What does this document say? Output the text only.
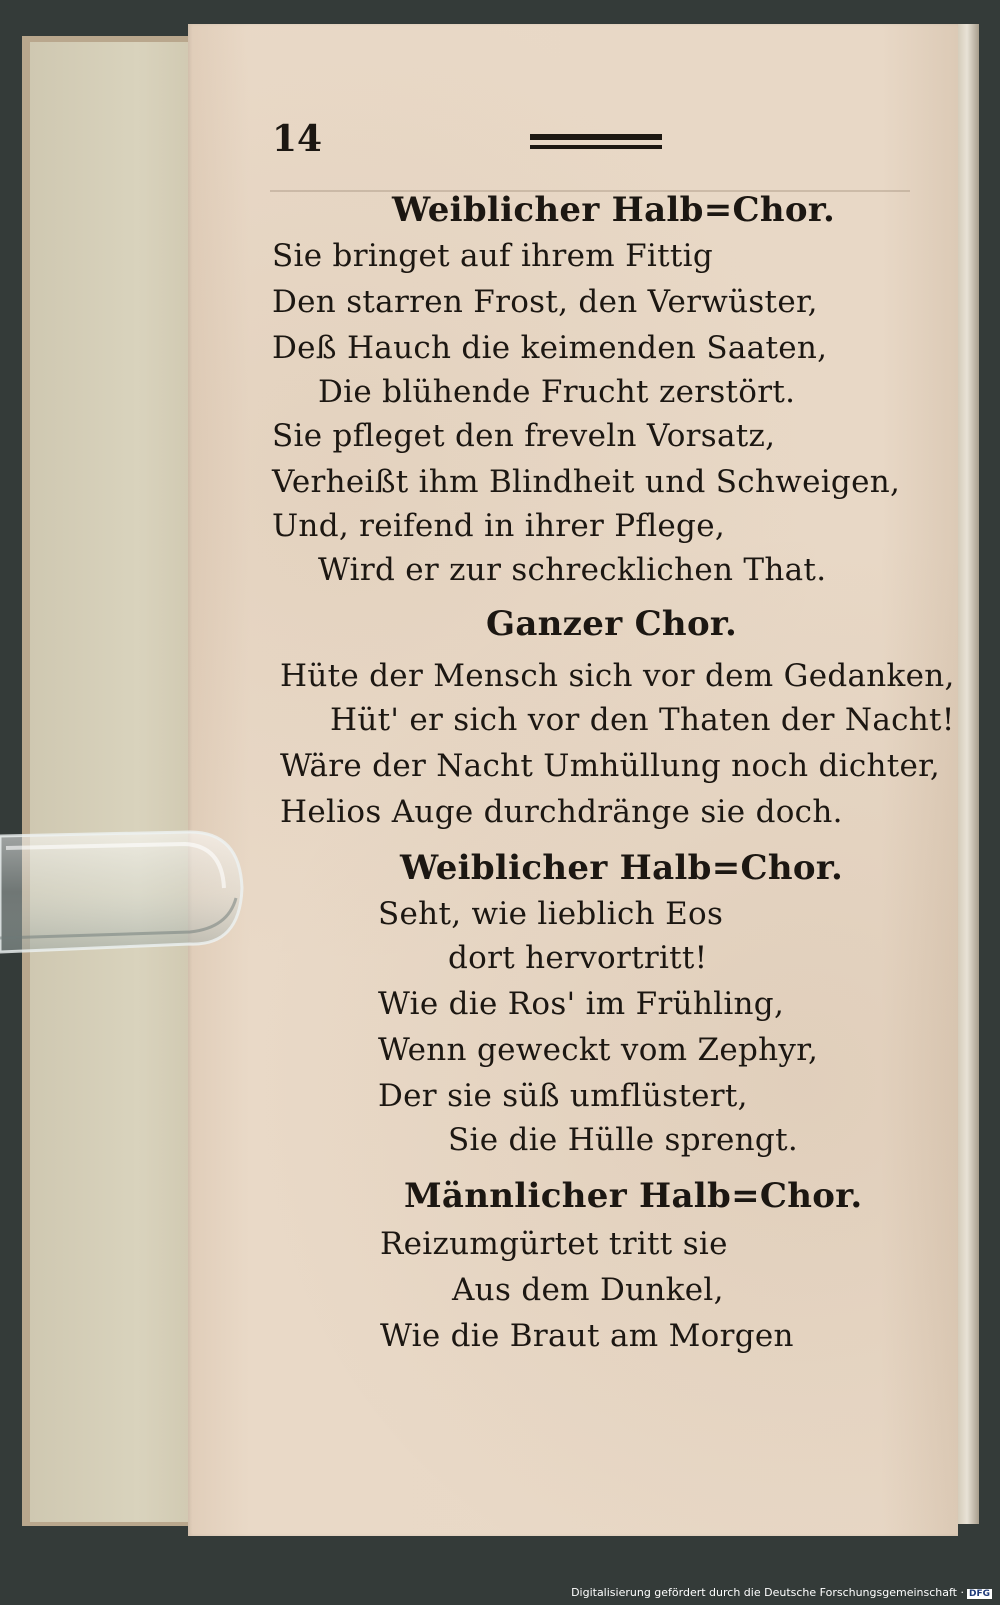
14
Weiblicher Halb=Chor.
Sie bringet auf ihrem Fittig
Den starren Frost, den Verwüster,
Deß Hauch die keimenden Saaten,
Die blühende Frucht zerstört.
Sie pfleget den freveln Vorsatz,
Verheißt ihm Blindheit und Schweigen,
Und, reifend in ihrer Pflege,
Wird er zur schrecklichen That.
Ganzer Chor.
Hüte der Mensch sich vor dem Gedanken,
Hüt' er sich vor den Thaten der Nacht!
Wäre der Nacht Umhüllung noch dichter,
Helios Auge durchdränge sie doch.
Weiblicher Halb=Chor.
Seht, wie lieblich Eos
dort hervortritt!
Wie die Ros' im Frühling,
Wenn geweckt vom Zephyr,
Der sie süß umflüstert,
Sie die Hülle sprengt.
Männlicher Halb=Chor.
Reizumgürtet tritt sie
Aus dem Dunkel,
Wie die Braut am Morgen
Digitalisierung gefördert durch die Deutsche Forschungsgemeinschaft · DFG
